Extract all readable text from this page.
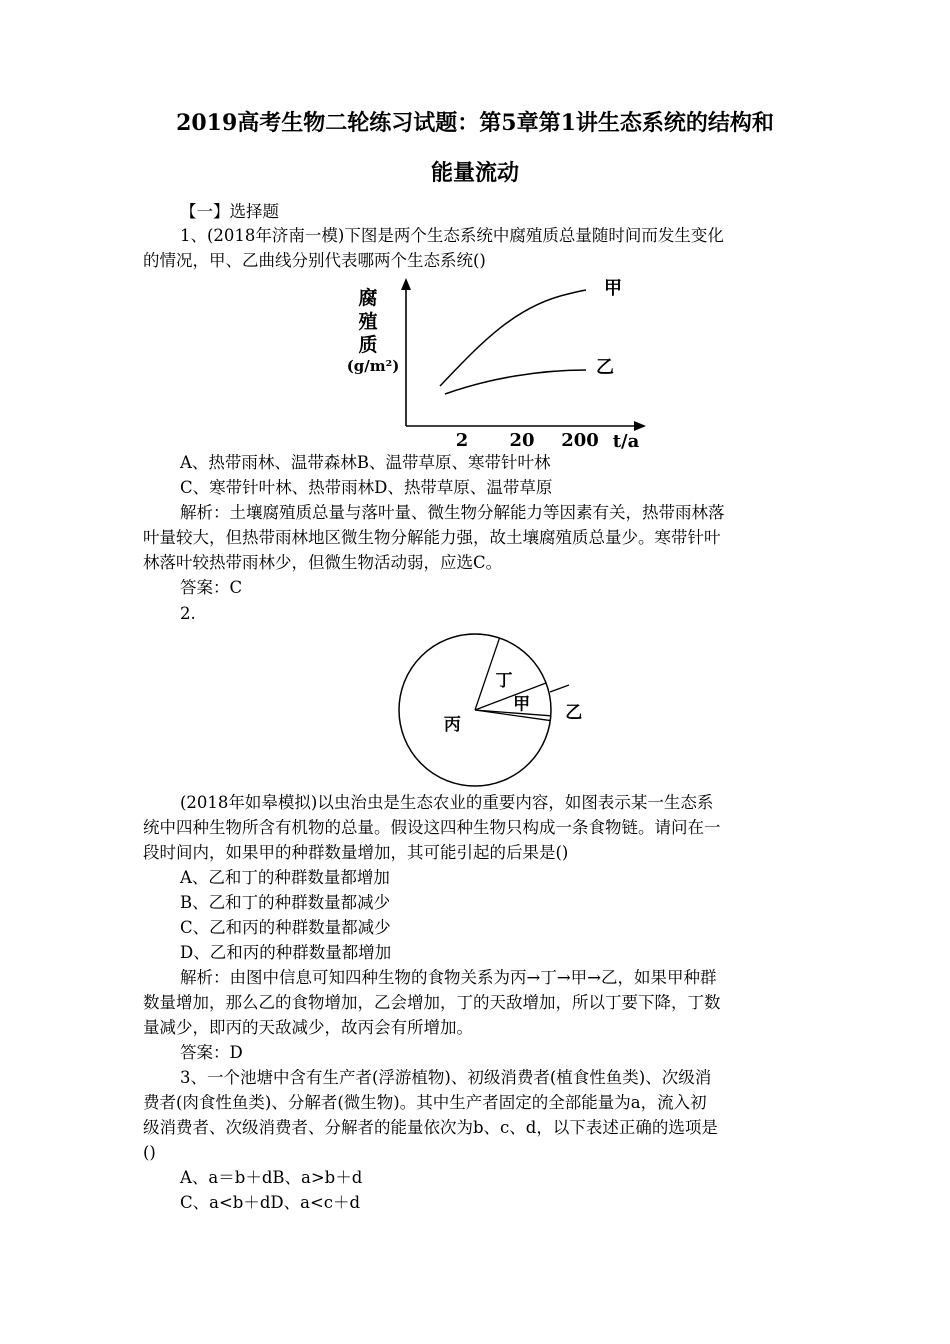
2019高考生物二轮练习试题：第5章第1讲生态系统的结构和
能量流动
【一】选择题
1、(2018年济南一模)下图是两个生态系统中腐殖质总量随时间而发生变化
的情况，甲、乙曲线分别代表哪两个生态系统()
腐
殖
质
(g/m²)
2 20 200 t/a
甲
乙
A、热带雨林、温带森林B、温带草原、寒带针叶林
C、寒带针叶林、热带雨林D、热带草原、温带草原
解析：土壤腐殖质总量与落叶量、微生物分解能力等因素有关，热带雨林落
叶量较大，但热带雨林地区微生物分解能力强，故土壤腐殖质总量少。寒带针叶
林落叶较热带雨林少，但微生物活动弱，应选C。
答案：C
2.
丙
丁
甲 乙
(2018年如皋模拟)以虫治虫是生态农业的重要内容，如图表示某一生态系
统中四种生物所含有机物的总量。假设这四种生物只构成一条食物链。请问在一
段时间内，如果甲的种群数量增加，其可能引起的后果是()
A、乙和丁的种群数量都增加
B、乙和丁的种群数量都减少
C、乙和丙的种群数量都减少
D、乙和丙的种群数量都增加
解析：由图中信息可知四种生物的食物关系为丙→丁→甲→乙，如果甲种群
数量增加，那么乙的食物增加，乙会增加，丁的天敌增加，所以丁要下降，丁数
量减少，即丙的天敌减少，故丙会有所增加。
答案：D
3、一个池塘中含有生产者(浮游植物)、初级消费者(植食性鱼类)、次级消
费者(肉食性鱼类)、分解者(微生物)。其中生产者固定的全部能量为a，流入初
级消费者、次级消费者、分解者的能量依次为b、c、d，以下表述正确的选项是
()
A、a＝b＋dB、a>b＋d
C、a<b＋dD、a<c＋d
